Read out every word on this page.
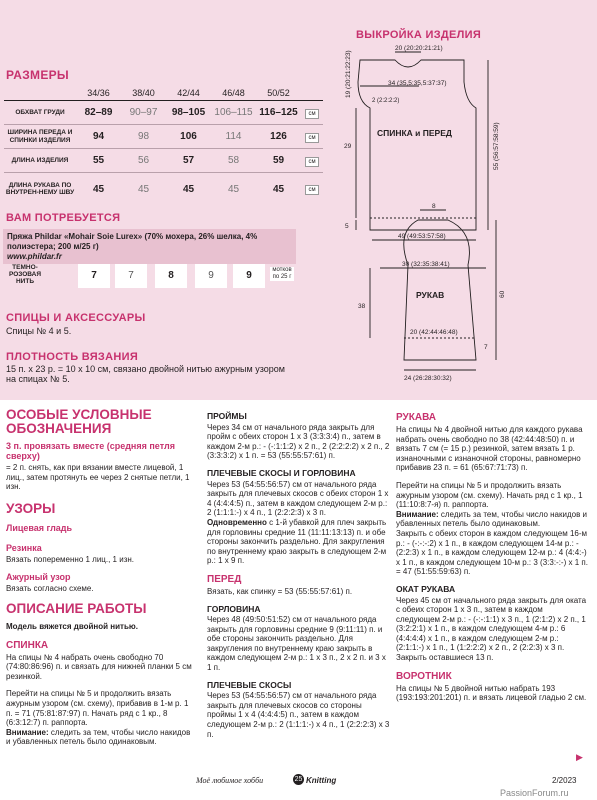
РАЗМЕРЫ
	34/36	38/40	42/44	46/48	50/52	
ОБХВАТ ГРУДИ	82–89	90–97	98–105	106–115	116–125	см
ШИРИНА ПЕРЕДА И СПИНКИ ИЗДЕЛИЯ	94	98	106	114	126	см
ДЛИНА ИЗДЕЛИЯ	55	56	57	58	59	см
ДЛИНА РУКАВА ПО ВНУТРЕН-НЕМУ ШВУ	45	45	45	45	45	см
ВАМ ПОТРЕБУЕТСЯ
Пряжа Phildar «Mohair Soie Lurex» (70% мохера, 26% шелка, 4% полиэстера; 200 м/25 г)
www.phildar.fr
ТЕМНО-РОЗОВАЯ НИТЬ
7	7	8	9	9	мотков по 25 г
СПИЦЫ И АКСЕССУАРЫ
Спицы № 4 и 5.
ПЛОТНОСТЬ ВЯЗАНИЯ
15 п. х 23 р. = 10 х 10 см, связано двойной нитью ажурным узором на спицах № 5.
ВЫКРОЙКА ИЗДЕЛИЯ
20 (20:20:21:21)
34 (35,5:35,5:37:37)
2 (2:2:2:2)
49 (49:53:57:58)
СПИНКА и ПЕРЕД
29
5
8
30 (32:35:38:41)
РУКАВ
20 (42:44:46:48)
24 (26:28:30:32)
38
7
19 (20:21:22:23)
55 (56:57:58:59)
60
ОСОБЫЕ УСЛОВНЫЕ ОБОЗНАЧЕНИЯ
3 п. провязать вместе (средняя петля сверху)

= 2 п. снять, как при вязании вместе лицевой, 1 лиц., затем протянуть ее через 2 снятые петли, 1 изн.

УЗОРЫ
Лицевая гладь
Резинка

Вязать попеременно 1 лиц., 1 изн.

Ажурный узор

Вязать согласно схеме.

ОПИСАНИЕ РАБОТЫ

Модель вяжется двойной нитью.

СПИНКА

На спицы № 4 набрать очень свободно 70 (74:80:86:96) п. и связать для нижней планки 5 см резинкой.

Перейти на спицы № 5 и продолжить вязать ажурным узором (см. схему), прибавив в 1-м р. 1 п. = 71 (75:81:87:97) п. Начать ряд с 1 кр., 8 (6:3:12:7) п. раппорта.

Внимание: следить за тем, чтобы число накидов и убавленных петель было одинаковым.

ПРОЙМЫ

Через 34 см от начального ряда закрыть для пройм с обеих сторон 1 х 3 (3:3:3:4) п., затем в каждом 2-м р.: - (-:1:1:2) х 2 п., 2 (2:2:2:2) х 2 п., 2 (3:3:3:2) х 1 п. = 53 (55:55:57:61) п.

ПЛЕЧЕВЫЕ СКОСЫ И ГОРЛОВИНА

Через 53 (54:55:56:57) см от начального ряда закрыть для плечевых скосов с обеих сторон 1 х 4 (4:4:4:5) п., затем в каждом следующем 2-м р.: 2 (1:1:1:-) х 4 п., 1 (2:2:2:3) х 3 п.

Одновременно с 1-й убавкой для плеч закрыть для горловины средние 11 (11:11:13:13) п. и обе стороны закончить раздельно. Для закругления по внутреннему краю закрыть в следующем 2-м р.: 1 х 9 п.

ПЕРЕД

Вязать, как спинку = 53 (55:55:57:61) п.

ГОРЛОВИНА

Через 48 (49:50:51:52) см от начального ряда закрыть для горловины средние 9 (9:11:11) п. и обе стороны закончить раздельно. Для закругления по внутреннему краю закрыть в каждом следующем 2-м р.: 1 х 3 п., 2 х 2 п. и 3 х 1 п.

ПЛЕЧЕВЫЕ СКОСЫ

Через 53 (54:55:56:57) см от начального ряда закрыть для плечевых скосов со стороны проймы 1 х 4 (4:4:4:5) п., затем в каждом следующем 2-м р.: 2 (1:1:1:-) х 4 п., 1 (2:2:2:3) х 3 п.

РУКАВА

На спицы № 4 двойной нитью для каждого рукава набрать очень свободно по 38 (42:44:48:50) п. и вязать 7 см (= 15 р.) резинкой, затем вязать 1 р. изнаночными с изнаночной стороны, равномерно прибавив 23 п. = 61 (65:67:71:73) п.

Перейти на спицы № 5 и продолжить вязать ажурным узором (см. схему). Начать ряд с 1 кр., 1 (11:10:8:7-я) п. раппорта.

Внимание: следить за тем, чтобы число накидов и убавленных петель было одинаковым.

Закрыть с обеих сторон в каждом следующем 16-м р.: - (-:-:-:2) х 1 п., в каждом следующем 14-м р.: - (2:2:3) х 1 п., в каждом следующем 12-м р.: 4 (4:4:-) х 1 п., в каждом следующем 10-м р.: 3 (3:3:-:-) х 1 п. = 47 (51:55:59:63) п.

ОКАТ РУКАВА

Через 45 см от начального ряда закрыть для оката с обеих сторон 1 х 3 п., затем в каждом следующем 2-м р.: - (-:-:1:1) х 3 п., 1 (2:1:2) х 2 п., 1 (3:2:2:1) х 1 п., в каждом следующем 4-м р.: 6 (4:4:4:4) х 1 п., в каждом следующем 2-м р.: (2:1:1:-) х 1 п., 1 (1:2:2:2) х 2 п., 2 (2:2:3) х 3 п. Закрыть оставшиеся 13 п.

ВОРОТНИК

На спицы № 5 двойной нитью набрать 193 (193:193:201:201) п. и вязать лицевой гладью 2 см.

▶
Моё любимое хобби	25 Knitting	2/2023
PassionForum.ru
